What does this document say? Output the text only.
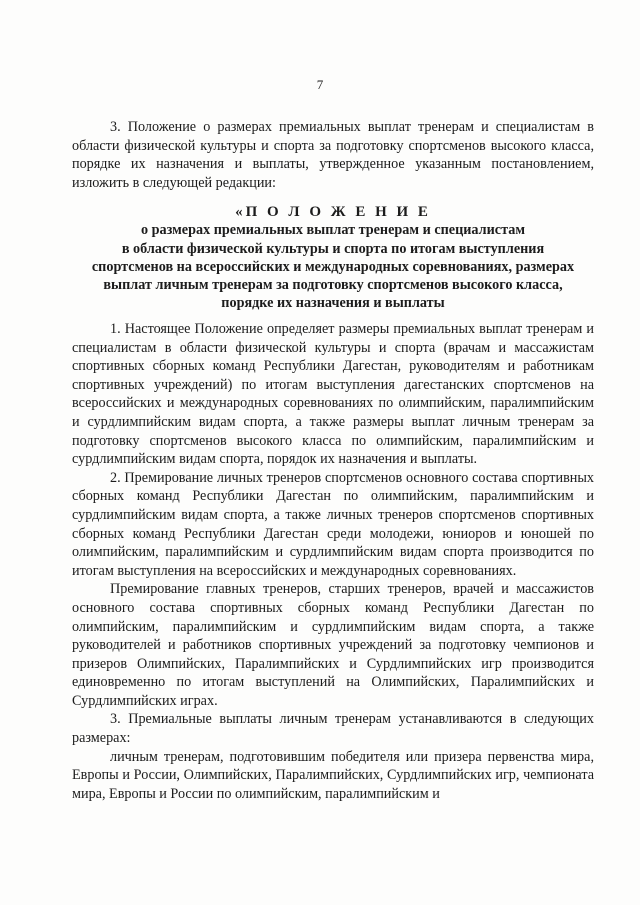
7

3. Положение о размерах премиальных выплат тренерам и специалистам в области физической культуры и спорта за подготовку спортсменов высокого класса, порядке их назначения и выплаты, утвержденное указанным постановлением, изложить в следующей редакции:

«П О Л О Ж Е Н И Е
о размерах премиальных выплат тренерам и специалистам
в области физической культуры и спорта по итогам выступления
спортсменов на всероссийских и международных соревнованиях, размерах
выплат личным тренерам за подготовку спортсменов высокого класса,
порядке их назначения и выплаты

1. Настоящее Положение определяет размеры премиальных выплат тренерам и специалистам в области физической культуры и спорта (врачам и массажистам спортивных сборных команд Республики Дагестан, руководителям и работникам спортивных учреждений) по итогам выступления дагестанских спортсменов на всероссийских и международных соревнованиях по олимпийским, паралимпийским и сурдлимпийским видам спорта, а также размеры выплат личным тренерам за подготовку спортсменов высокого класса по олимпийским, паралимпийским и сурдлимпийским видам спорта, порядок их назначения и выплаты.

2. Премирование личных тренеров спортсменов основного состава спортивных сборных команд Республики Дагестан по олимпийским, паралимпийским и сурдлимпийским видам спорта, а также личных тренеров спортсменов спортивных сборных команд Республики Дагестан среди молодежи, юниоров и юношей по олимпийским, паралимпийским и сурдлимпийским видам спорта производится по итогам выступления на всероссийских и международных соревнованиях.

Премирование главных тренеров, старших тренеров, врачей и массажистов основного состава спортивных сборных команд Республики Дагестан по олимпийским, паралимпийским и сурдлимпийским видам спорта, а также руководителей и работников спортивных учреждений за подготовку чемпионов и призеров Олимпийских, Паралимпийских и Сурдлимпийских игр производится единовременно по итогам выступлений на Олимпийских, Паралимпийских и Сурдлимпийских играх.

3. Премиальные выплаты личным тренерам устанавливаются в следующих размерах:

личным тренерам, подготовившим победителя или призера первенства мира, Европы и России, Олимпийских, Паралимпийских, Сурдлимпийских игр, чемпионата мира, Европы и России по олимпийским, паралимпийским и
